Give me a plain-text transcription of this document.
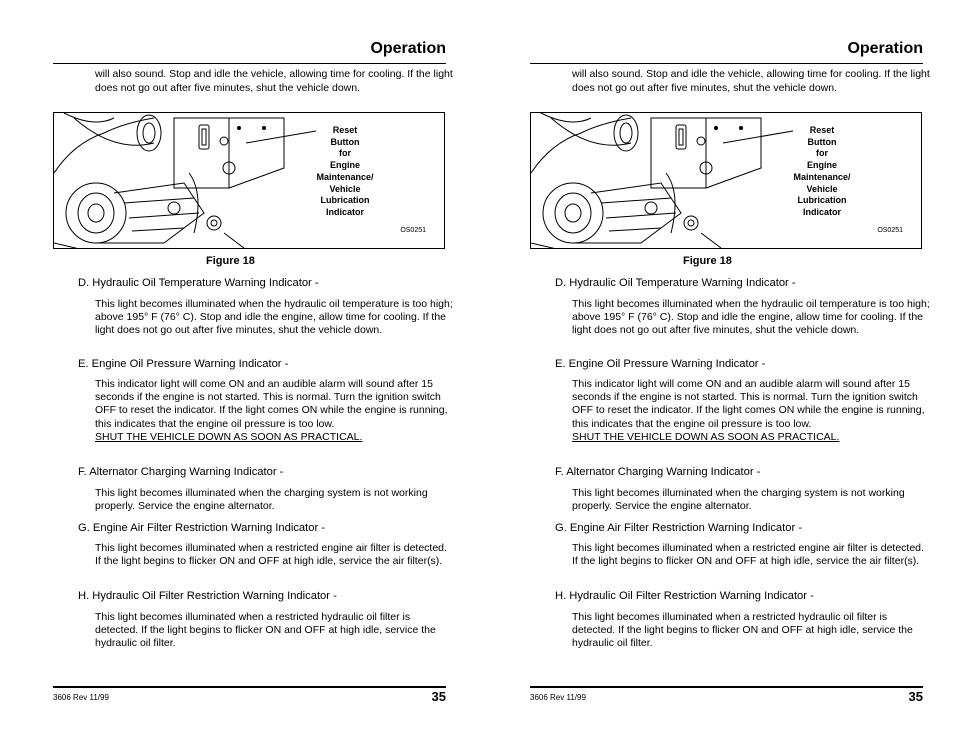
Operation
will also sound. Stop and idle the vehicle, allowing time for cooling. If the light does not go out after five minutes, shut the vehicle down.
Reset
Button
for
Engine
Maintenance/
Vehicle
Lubrication
Indicator
OS0251
Figure 18
D. Hydraulic Oil Temperature Warning Indicator -
This light becomes illuminated when the hydraulic oil temperature is too high; above 195° F (76° C). Stop and idle the engine, allow time for cooling. If the light does not go out after five minutes, shut the vehicle down.
E. Engine Oil Pressure Warning Indicator -
This indicator light will come ON and an audible alarm will sound after 15 seconds if the engine is not started. This is normal. Turn the ignition switch OFF to reset the indicator. If the light comes ON while the engine is running, this indicates that the engine oil pressure is too low.
SHUT THE VEHICLE DOWN AS SOON AS PRACTICAL.
F. Alternator Charging Warning Indicator -
This light becomes illuminated when the charging system is not working properly. Service the engine alternator.
G. Engine Air Filter Restriction Warning Indicator -
This light becomes illuminated when a restricted engine air filter is detected. If the light begins to flicker ON and OFF at high idle, service the air filter(s).
H. Hydraulic Oil Filter Restriction Warning Indicator -
This light becomes illuminated when a restricted hydraulic oil filter is detected. If the light begins to flicker ON and OFF at high idle, service the hydraulic oil filter.
3606 Rev 11/99	35
Operation
will also sound. Stop and idle the vehicle, allowing time for cooling. If the light does not go out after five minutes, shut the vehicle down.
Reset
Button
for
Engine
Maintenance/
Vehicle
Lubrication
Indicator
OS0251
Figure 18
D. Hydraulic Oil Temperature Warning Indicator -
This light becomes illuminated when the hydraulic oil temperature is too high; above 195° F (76° C). Stop and idle the engine, allow time for cooling. If the light does not go out after five minutes, shut the vehicle down.
E. Engine Oil Pressure Warning Indicator -
This indicator light will come ON and an audible alarm will sound after 15 seconds if the engine is not started. This is normal. Turn the ignition switch OFF to reset the indicator. If the light comes ON while the engine is running, this indicates that the engine oil pressure is too low.
SHUT THE VEHICLE DOWN AS SOON AS PRACTICAL.
F. Alternator Charging Warning Indicator -
This light becomes illuminated when the charging system is not working properly. Service the engine alternator.
G. Engine Air Filter Restriction Warning Indicator -
This light becomes illuminated when a restricted engine air filter is detected. If the light begins to flicker ON and OFF at high idle, service the air filter(s).
H. Hydraulic Oil Filter Restriction Warning Indicator -
This light becomes illuminated when a restricted hydraulic oil filter is detected. If the light begins to flicker ON and OFF at high idle, service the hydraulic oil filter.
3606 Rev 11/99	35
